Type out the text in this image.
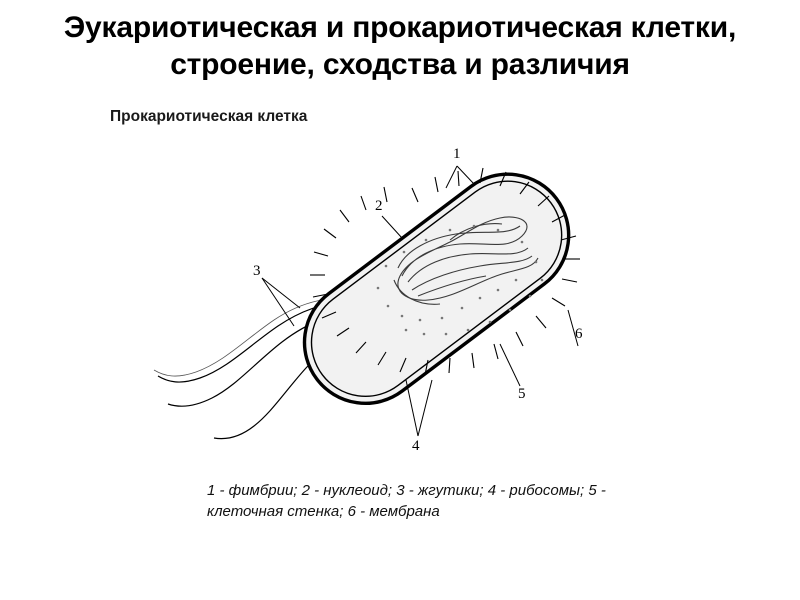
Эукариотическая и прокариотическая клетки, строение, сходства и различия
Прокариотическая клетка
1
2
3
4
5
6
1 - фимбрии; 2 - нуклеоид; 3 - жгутики; 4 - рибосомы; 5 - клеточная стенка; 6 - мембрана
